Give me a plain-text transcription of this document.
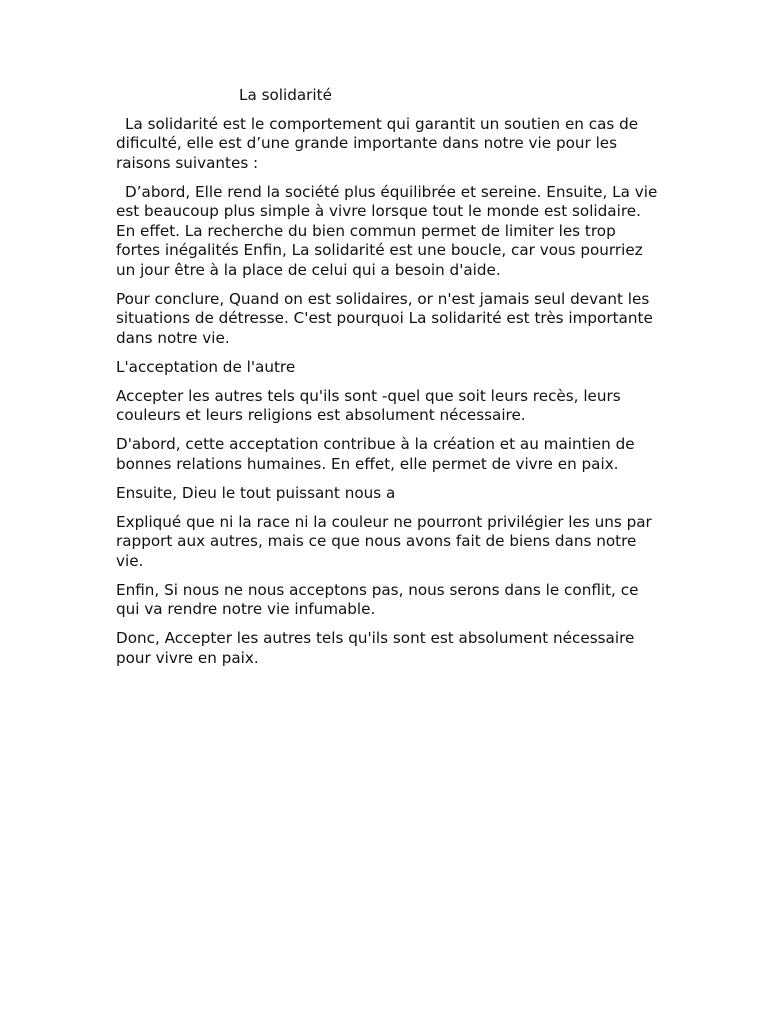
La solidarité

La solidarité est le comportement qui garantit un soutien en cas de dificulté, elle est d’une grande importante dans notre vie pour les raisons suivantes :

D’abord, Elle rend la société plus équilibrée et sereine. Ensuite, La vie est beaucoup plus simple à vivre lorsque tout le monde est solidaire. En effet. La recherche du bien commun permet de limiter les trop fortes inégalités Enfin, La solidarité est une boucle, car vous pourriez un jour être à la place de celui qui a besoin d'aide.

Pour conclure, Quand on est solidaires, or n'est jamais seul devant les situations de détresse. C'est pourquoi La solidarité est très importante dans notre vie.

L'acceptation de l'autre

Accepter les autres tels qu'ils sont -quel que soit leurs recès, leurs couleurs et leurs religions est absolument nécessaire.

D'abord, cette acceptation contribue à la création et au maintien de bonnes relations humaines. En effet, elle permet de vivre en paix.

Ensuite, Dieu le tout puissant nous a

Expliqué que ni la race ni la couleur ne pourront privilégier les uns par rapport aux autres, mais ce que nous avons fait de biens dans notre vie.

Enfin, Si nous ne nous acceptons pas, nous serons dans le conflit, ce qui va rendre notre vie infumable.

Donc, Accepter les autres tels qu'ils sont est absolument nécessaire pour vivre en paix.
